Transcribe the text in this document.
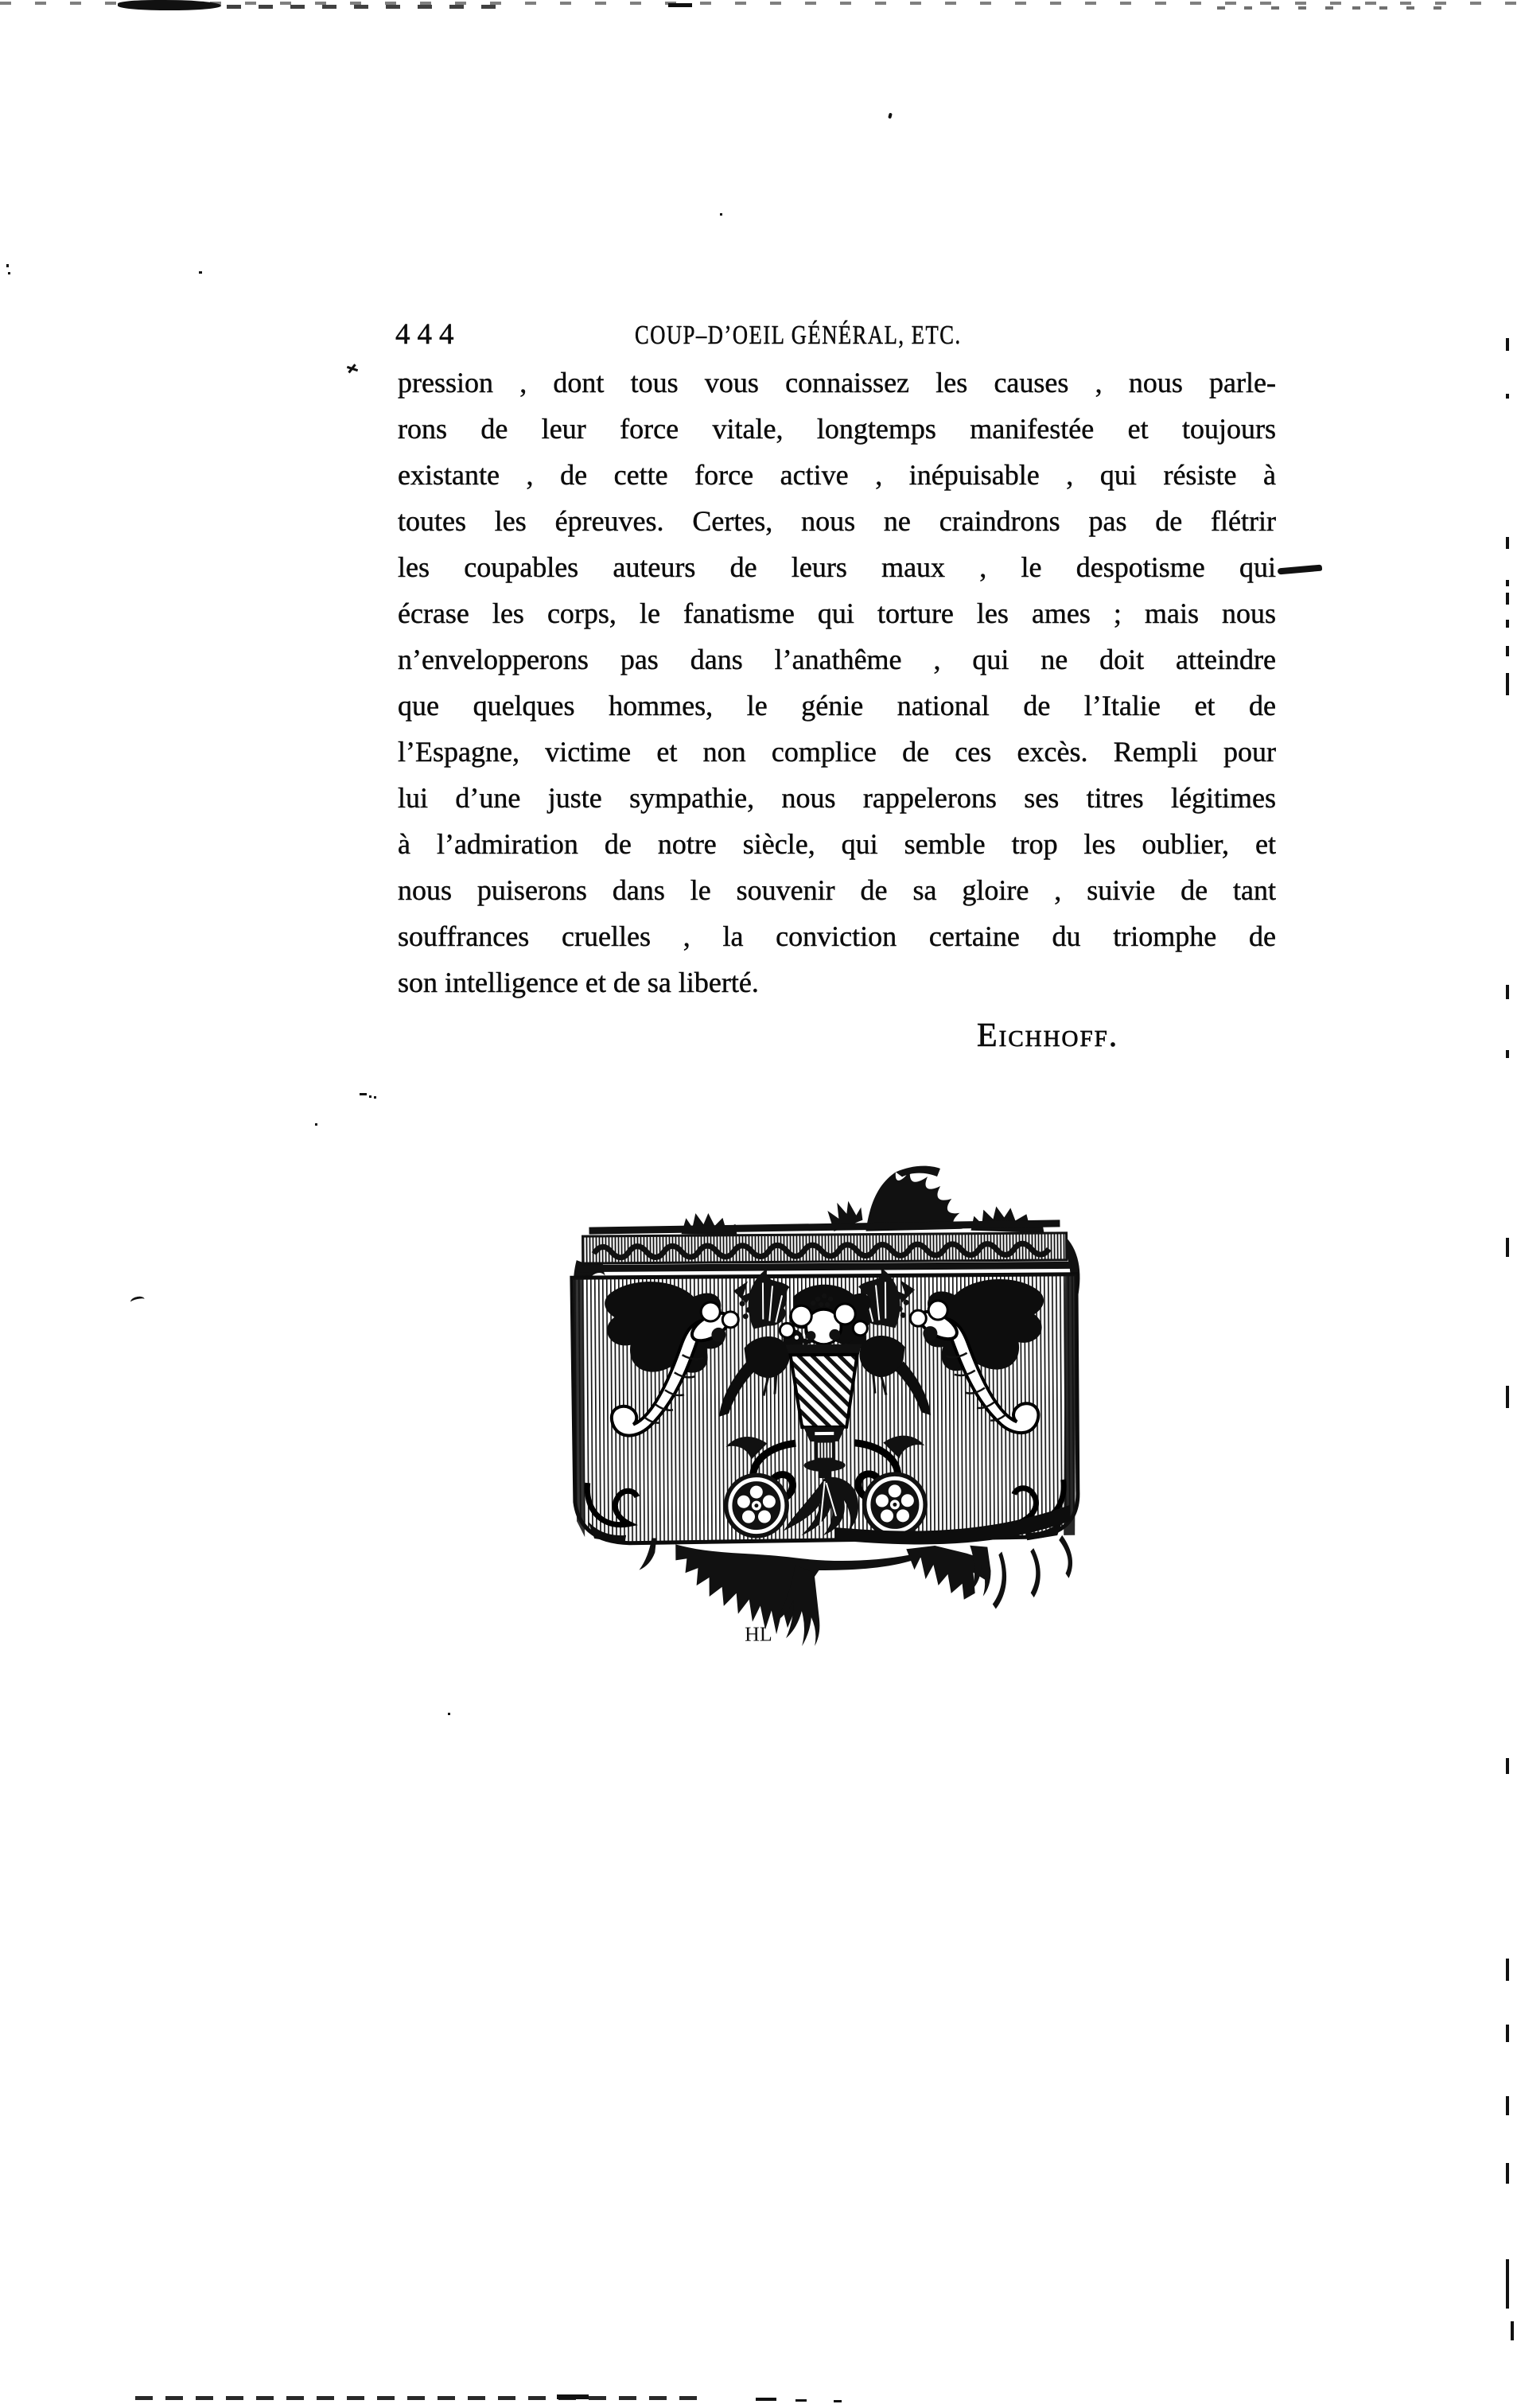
444	COUP–D’OEIL GÉNÉRAL, ETC.
pression , dont tous vous connaissez les causes , nous parle-
rons de leur force vitale, longtemps manifestée et toujours
existante , de cette force active , inépuisable , qui résiste à
toutes les épreuves. Certes, nous ne craindrons pas de flétrir
les coupables auteurs de leurs maux , le despotisme qui
écrase les corps, le fanatisme qui torture les ames ; mais nous
n’envelopperons pas dans l’anathême , qui ne doit atteindre
que quelques hommes, le génie national de l’Italie et de
l’Espagne, victime et non complice de ces excès. Rempli pour
lui d’une juste sympathie, nous rappelerons ses titres légitimes
à l’admiration de notre siècle, qui semble trop les oublier, et
nous puiserons dans le souvenir de sa gloire , suivie de tant
souffrances cruelles , la conviction certaine du triomphe de
son intelligence et de sa liberté.
Eichhoff.
HL
